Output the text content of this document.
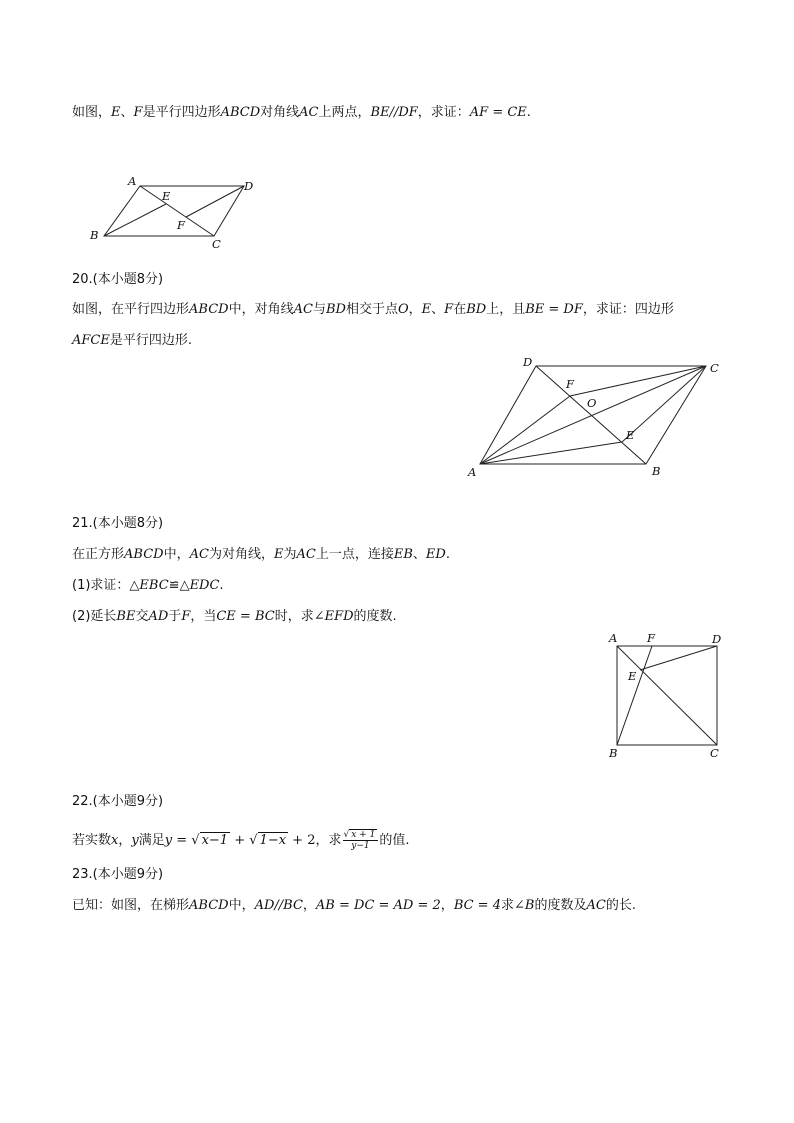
如图，E、F是平行四边形ABCD对角线AC上两点，BE//DF，求证：AF = CE.

A	D
B
C
E
F

20.(本小题8分)

如图，在平行四边形ABCD中，对角线AC与BD相交于点O，E、F在BD上，且BE = DF，求证：四边形

AFCE是平行四边形.

D	C
F
O
E
A	B

21.(本小题8分)

在正方形ABCD中，AC为对角线，E为AC上一点，连接EB、ED.

(1)求证：△EBC≌△EDC.

(2)延长BE交AD于F，当CE = BC时，求∠EFD的度数.

A	F	D
E
B	C

22.(本小题9分)

若实数x，y满足y = √ x−1 + √ 1−x + 2，求 $\frac{√ x + 1}{y-1}$ 的值.

23.(本小题9分)

已知：如图，在梯形ABCD中，AD//BC，AB = DC = AD = 2，BC = 4求∠B的度数及AC的长.
